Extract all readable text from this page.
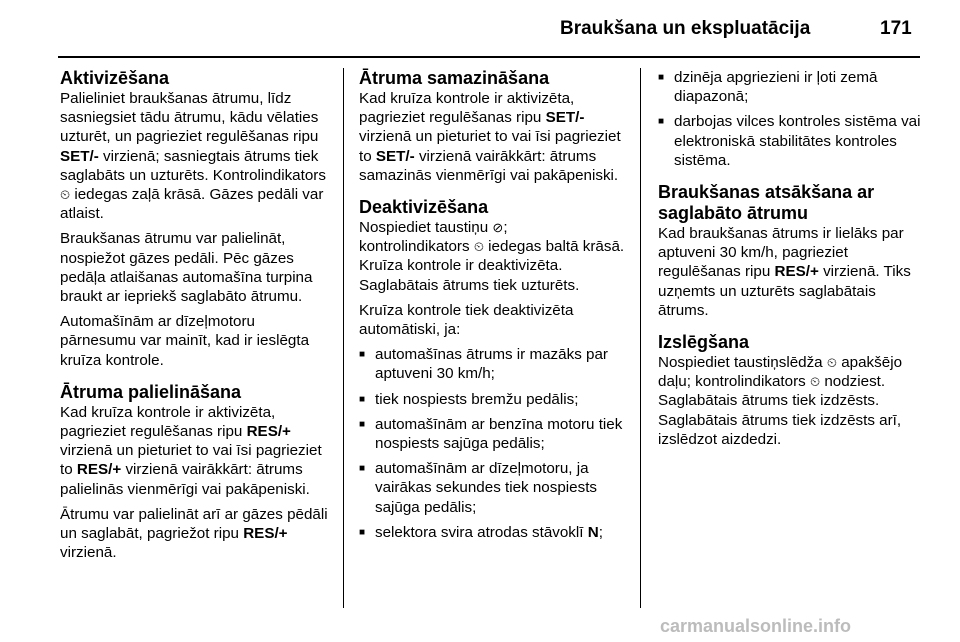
Braukšana un ekspluatācija	171
Aktivizēšana

Palieliniet braukšanas ātrumu, līdz sasniegsiet tādu ātrumu, kādu vēlaties uzturēt, un pagrieziet regulēšanas ripu SET/- virzienā; sasniegtais ātrums tiek saglabāts un uzturēts. Kontrolindikators ⏲ iedegas zaļā krāsā. Gāzes pedāli var atlaist.

Braukšanas ātrumu var palielināt, nospiežot gāzes pedāli. Pēc gāzes pedāļa atlaišanas automašīna turpina braukt ar iepriekš saglabāto ātrumu.

Automašīnām ar dīzeļmotoru pārnesumu var mainīt, kad ir ieslēgta kruīza kontrole.

Ātruma palielināšana

Kad kruīza kontrole ir aktivizēta, pagrieziet regulēšanas ripu RES/+ virzienā un pieturiet to vai īsi pagrieziet to RES/+ virzienā vairākkārt: ātrums palielinās vienmērīgi vai pakāpeniski.

Ātrumu var palielināt arī ar gāzes pēdāli un saglabāt, pagriežot ripu RES/+ virzienā.

Ātruma samazināšana

Kad kruīza kontrole ir aktivizēta, pagrieziet regulēšanas ripu SET/- virzienā un pieturiet to vai īsi pagrieziet to SET/- virzienā vairākkārt: ātrums samazinās vienmērīgi vai pakāpeniski.

Deaktivizēšana

Nospiediet taustiņu ⊘;
kontrolindikators ⏲ iedegas baltā krāsā. Kruīza kontrole ir deaktivizēta. Saglabātais ātrums tiek uzturēts.

Kruīza kontrole tiek deaktivizēta automātiski, ja:

■ automašīnas ātrums ir mazāks par aptuveni 30 km/h;
■ tiek nospiests bremžu pedālis;
■ automašīnām ar benzīna motoru tiek nospiests sajūga pedālis;
■ automašīnām ar dīzeļmotoru, ja vairākas sekundes tiek nospiests sajūga pedālis;
■ selektora svira atrodas stāvoklī N;
■ dzinēja apgriezieni ir ļoti zemā diapazonā;
■ darbojas vilces kontroles sistēma vai elektroniskā stabilitātes kontroles sistēma.
Braukšanas atsākšana ar saglabāto ātrumu

Kad braukšanas ātrums ir lielāks par aptuveni 30 km/h, pagrieziet regulēšanas ripu RES/+ virzienā. Tiks uzņemts un uzturēts saglabātais ātrums.

Izslēgšana

Nospiediet taustiņslēdža ⏲ apakšējo daļu; kontrolindikators ⏲ nodziest. Saglabātais ātrums tiek izdzēsts. Saglabātais ātrums tiek izdzēsts arī, izslēdzot aizdedzi.

carmanualsonline.info
